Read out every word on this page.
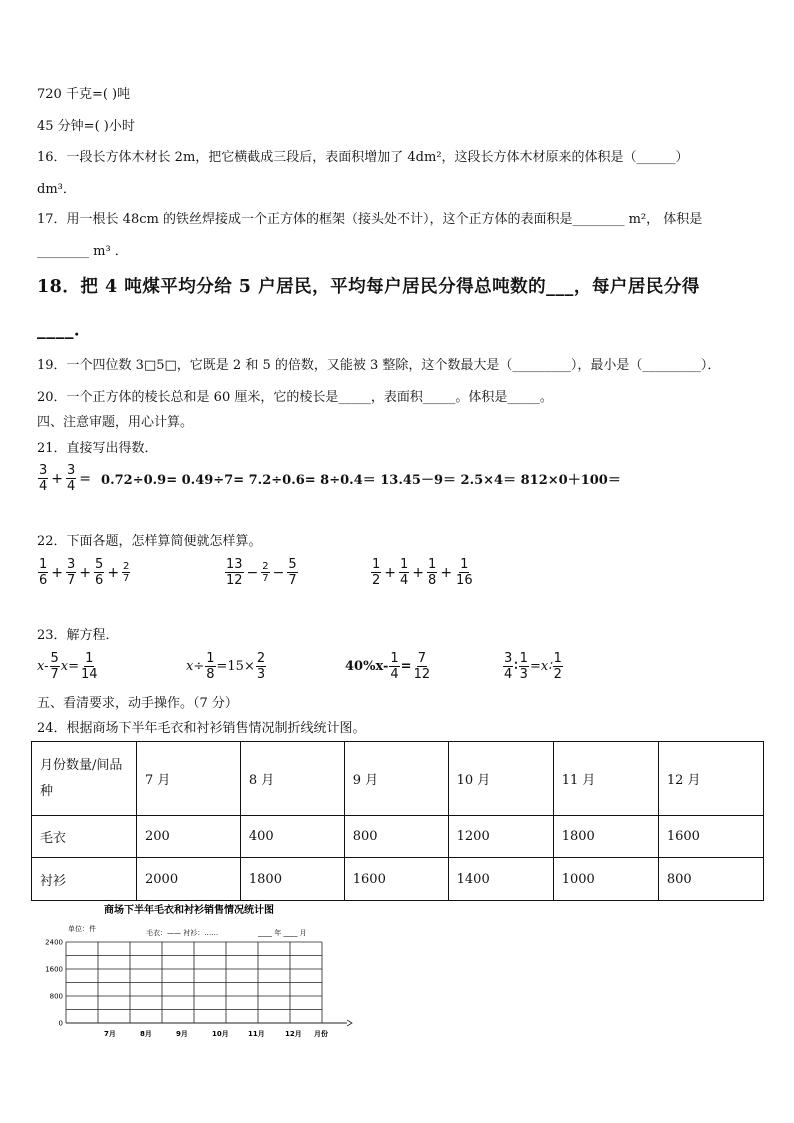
720 千克=( )吨
45 分钟=( )小时
16．一段长方体木材长 2m，把它横截成三段后，表面积增加了 4dm²，这段长方体木材原来的体积是（______）
dm³．
17．用一根长 48cm 的铁丝焊接成一个正方体的框架（接头处不计），这个正方体的表面积是________ m²， 体积是
________ m³ ．
18．把 4 吨煤平均分给 5 户居民，平均每户居民分得总吨数的___，每户居民分得
____．
19．一个四位数 3□5□，它既是 2 和 5 的倍数，又能被 3 整除，这个数最大是（_________），最小是（_________）．
20．一个正方体的棱长总和是 60 厘米，它的棱长是_____，表面积_____。体积是_____。
四、注意审题，用心计算。
21．直接写出得数．
$\frac{3}{4} + \frac{3}{4} = 0.72\div 0.9= 0.49\div 7= 7.2\div 0.6= 8\div 0.4= 13.45-9= 2.5\times 4= 812\times 0+100=$
22．下面各题，怎样算简便就怎样算。
$\frac{1}{6} + \frac{3}{7} + \frac{5}{6} + \frac{2}{7}$	$\frac{13}{12} - \frac{2}{7} - \frac{5}{7}$	$\frac{1}{2} + \frac{1}{4} + \frac{1}{8} + \frac{1}{16}$
23．解方程．
$x- \frac{5}{7} x= \frac{1}{14}$	$x\div \frac{1}{8} =15\times \frac{2}{3}$	$40\%x- \frac{1}{4} = \frac{7}{12}$	$\frac{3}{4}$ ∶ $\frac{1}{3}$ =x∶ $\frac{1}{2}$
五、看清要求，动手操作。（7 分）
24．根据商场下半年毛衣和衬衫销售情况制折线统计图。
月份数量/间品
种	7 月	8 月	9 月	10 月	11 月	12 月
毛衣	200	400	800	1200	1800	1600
衬衫	2000	1800	1600	1400	1000	800
商场下半年毛衣和衬衫销售情况统计图
单位：件	毛衣：—— 衬衫：……	____ 年 ____ 月
2400
1600
800
0
7月	8月	9月	10月	11月	12月 月份
